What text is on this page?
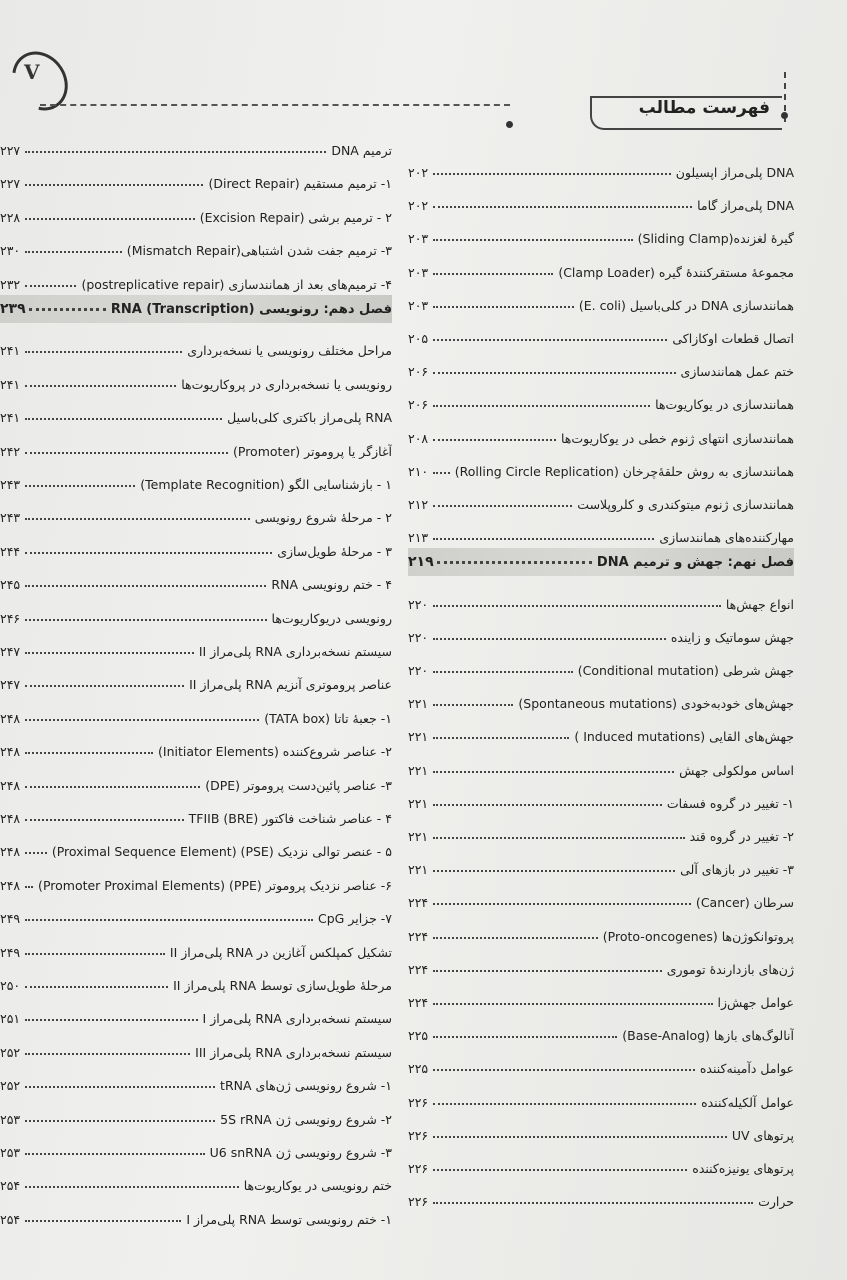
V
فهرست مطالب
DNA پلی‌مراز اپسیلون
۲۰۲
DNA پلی‌مراز گاما
۲۰۲
گیرهٔ لغزنده(Sliding Clamp)
۲۰۳
مجموعهٔ مستقرکنندهٔ گیره (Clamp Loader)
۲۰۳
همانندسازی DNA در کلی‌باسیل (E. coli)
۲۰۳
اتصال قطعات اوکازاکی
۲۰۵
ختم عمل همانندسازی
۲۰۶
همانندسازی در یوکاریوت‌ها
۲۰۶
همانندسازی انتهای ژنوم خطی در یوکاریوت‌ها
۲۰۸
همانندسازی به روش حلقهٔ‌چرخان (Rolling Circle Replication)
۲۱۰
همانندسازی ژنوم میتوکندری و کلروپلاست
۲۱۲
مهارکننده‌های همانندسازی
۲۱۳
فصل نهم: جهش و ترمیم DNA
۲۱۹
انواع جهش‌ها
۲۲۰
جهش سوماتیک و زاینده
۲۲۰
جهش شرطی (Conditional mutation)
۲۲۰
جهش‌های خودبه‌خودی (Spontaneous mutations)
۲۲۱
جهش‌های القایی (Induced mutations )
۲۲۱
اساس مولکولی جهش
۲۲۱
۱- تغییر در گروه فسفات
۲۲۱
۲- تغییر در گروه قند
۲۲۱
۳- تغییر در بازهای آلی
۲۲۱
سرطان (Cancer)
۲۲۴
پروتوانکوژن‌ها (Proto-oncogenes)
۲۲۴
ژن‌های بازدارندهٔ توموری
۲۲۴
عوامل جهش‌زا
۲۲۴
آنالوگ‌های بازها (Base-Analog)
۲۲۵
عوامل دآمینه‌کننده
۲۲۵
عوامل آلکیله‌کننده
۲۲۶
پرتوهای UV
۲۲۶
پرتوهای یونیزه‌کننده
۲۲۶
حرارت
۲۲۶
ترمیم DNA
۲۲۷
۱- ترمیم مستقیم (Direct Repair)
۲۲۷
۲ - ترمیم برشی (Excision Repair)
۲۲۸
۳- ترمیم جفت شدن اشتباهی(Mismatch Repair)
۲۳۰
۴- ترمیم‌های بعد از همانندسازی (postreplicative repair)
۲۳۲
فصل دهم: رونویسی RNA (Transcription)
۲۳۹
مراحل مختلف رونویسی یا نسخه‌برداری
۲۴۱
رونویسی یا نسخه‌برداری در پروکاریوت‌ها
۲۴۱
RNA پلی‌مراز باکتری کلی‌باسیل
۲۴۱
آغازگر یا پروموتر (Promoter)
۲۴۲
۱ - بازشناسایی الگو (Template Recognition)
۲۴۳
۲ - مرحلهٔ شروع رونویسی
۲۴۳
۳ - مرحلهٔ طویل‌سازی
۲۴۴
۴ - ختم رونویسی RNA
۲۴۵
رونویسی دریوکاریوت‌ها
۲۴۶
سیستم نسخه‌برداری RNA پلی‌مراز II
۲۴۷
عناصر پروموتری آنزیم RNA پلی‌مراز II
۲۴۷
۱- جعبهٔ تاتا (TATA box)
۲۴۸
۲- عناصر شروع‌کننده (Initiator Elements)
۲۴۸
۳- عناصر پائین‌دست پروموتر (DPE)
۲۴۸
۴ - عناصر شناخت فاکتور TFIIB (BRE)
۲۴۸
۵ - عنصر توالی نزدیک (PSE) (Proximal Sequence Element)
۲۴۸
۶- عناصر نزدیک پروموتر (PPE) (Promoter Proximal Elements)
۲۴۸
۷- جزایر CpG
۲۴۹
تشکیل کمپلکس آغازین در RNA پلی‌مراز II
۲۴۹
مرحلهٔ طویل‌سازی توسط RNA پلی‌مراز II
۲۵۰
سیستم نسخه‌برداری RNA پلی‌مراز I
۲۵۱
سیستم نسخه‌برداری RNA پلی‌مراز III
۲۵۲
۱- شروع رونویسی ژن‌های tRNA
۲۵۲
۲- شروع رونویسی ژن 5S rRNA
۲۵۳
۳- شروع رونویسی ژن U6 snRNA
۲۵۳
ختم رونویسی در یوکاریوت‌ها
۲۵۴
۱- ختم رونویسی توسط RNA پلی‌مراز I
۲۵۴
